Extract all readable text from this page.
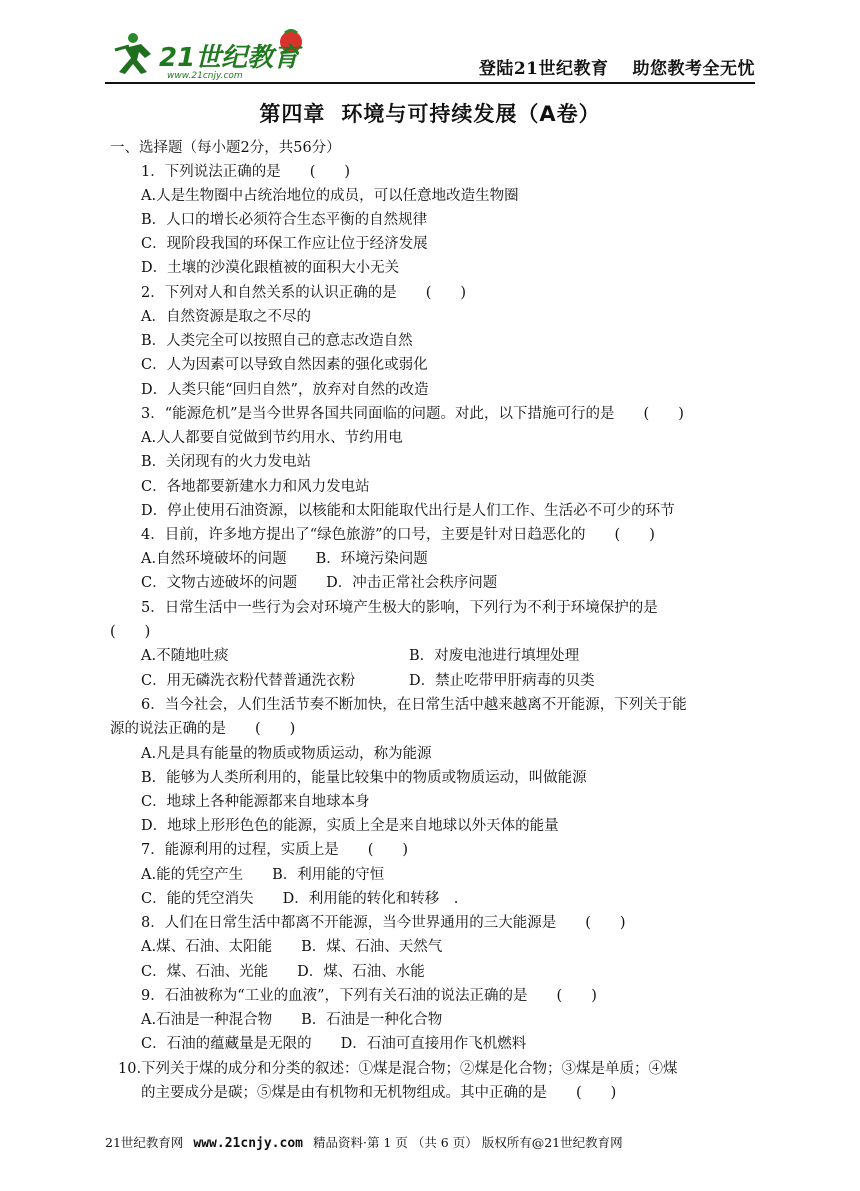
21世纪教育
www.21cnjy.com	登陆21世纪教育 助您教考全无忧
第四章 环境与可持续发展（A卷）
一、选择题（每小题2分，共56分）
1．下列说法正确的是　　(　　)
A.人是生物圈中占统治地位的成员，可以任意地改造生物圈
B．人口的增长必须符合生态平衡的自然规律
C．现阶段我国的环保工作应让位于经济发展
D．土壤的沙漠化跟植被的面积大小无关
2．下列对人和自然关系的认识正确的是　　(　　)
A．自然资源是取之不尽的
B．人类完全可以按照自己的意志改造自然
C．人为因素可以导致自然因素的强化或弱化
D．人类只能“回归自然”，放弃对自然的改造
3．“能源危机”是当今世界各国共同面临的问题。对此，以下措施可行的是　　(　　)
A.人人都要自觉做到节约用水、节约用电
B．关闭现有的火力发电站
C．各地都要新建水力和风力发电站
D．停止使用石油资源，以核能和太阳能取代出行是人们工作、生活必不可少的环节
4．目前，许多地方提出了“绿色旅游”的口号，主要是针对日趋恶化的　　(　　)
A.自然环境破坏的问题　　B．环境污染问题
C．文物古迹破坏的问题　　D．冲击正常社会秩序问题
5．日常生活中一些行为会对环境产生极大的影响，下列行为不利于环境保护的是
(　　)
A.不随地吐痰	B．对废电池进行填埋处理
C．用无磷洗衣粉代替普通洗衣粉	D．禁止吃带甲肝病毒的贝类
6．当今社会，人们生活节奏不断加快，在日常生活中越来越离不开能源，下列关于能
源的说法正确的是　　(　　)
A.凡是具有能量的物质或物质运动，称为能源
B．能够为人类所利用的，能量比较集中的物质或物质运动，叫做能源
C．地球上各种能源都来自地球本身
D．地球上形形色色的能源，实质上全是来自地球以外天体的能量
7．能源利用的过程，实质上是　　(　　)
A.能的凭空产生　　B．利用能的守恒
C．能的凭空消失　　D．利用能的转化和转移　.
8．人们在日常生活中都离不开能源，当今世界通用的三大能源是　　(　　)
A.煤、石油、太阳能　　B．煤、石油、天然气
C．煤、石油、光能　　D．煤、石油、水能
9．石油被称为“工业的血液”，下列有关石油的说法正确的是　　(　　)
A.石油是一种混合物　　B．石油是一种化合物
C．石油的蕴藏量是无限的　　D．石油可直接用作飞机燃料
10.下列关于煤的成分和分类的叙述：①煤是混合物；②煤是化合物；③煤是单质；④煤
的主要成分是碳；⑤煤是由有机物和无机物组成。其中正确的是　　(　　)
21世纪教育网 www.21cnjy.com 精品资料·第 1 页 （共 6 页） 版权所有@21世纪教育网
